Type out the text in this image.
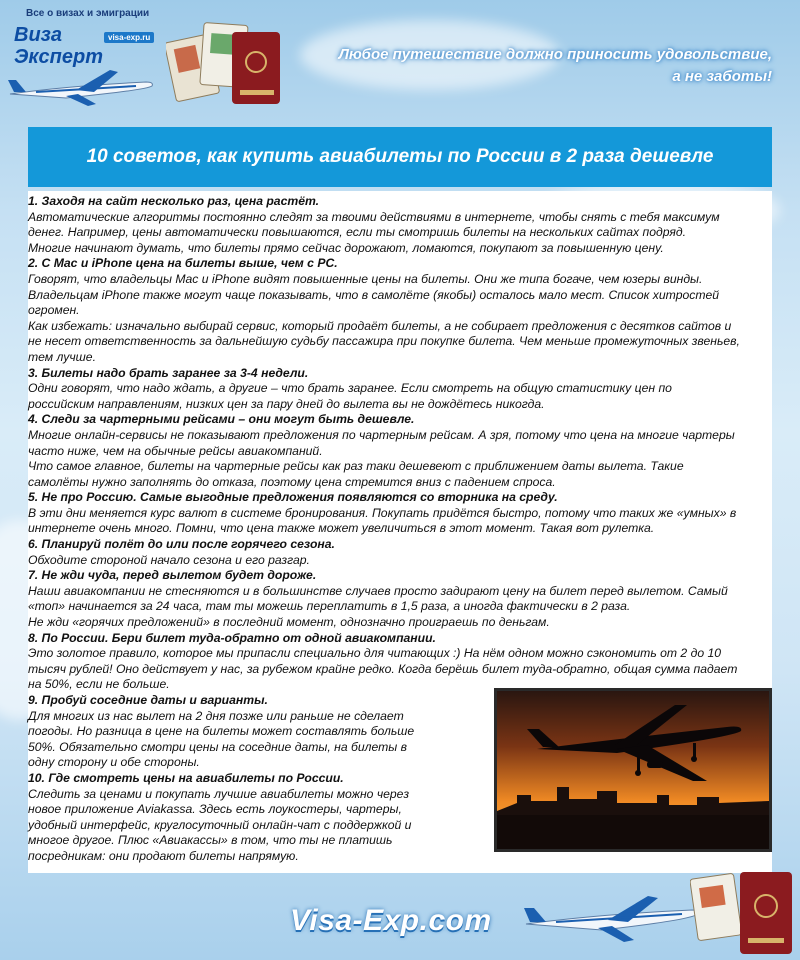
Все о визах и эмиграции
Виза
Эксперт
visa-exp.ru
Любое путешествие должно приносить удовольствие,
а не заботы!
10 советов, как купить авиабилеты по России в 2 раза дешевле
1. Заходя на сайт несколько раз, цена растёт.
Автоматические алгоритмы постоянно следят за твоими действиями в интернете, чтобы снять с тебя максимум
денег. Например, цены автоматически повышаются, если ты смотришь билеты на нескольких сайтах подряд.
Многие начинают думать, что билеты прямо сейчас дорожают, ломаются, покупают за повышенную цену.
2. С Mac и iPhone цена на билеты выше, чем с PC.
Говорят, что владельцы Mac и iPhone видят повышенные цены на билеты. Они же типа богаче, чем юзеры винды.
Владельцам iPhone также могут чаще показывать, что в самолёте (якобы) осталось мало мест. Список хитростей
огромен.
Как избежать: изначально выбирай сервис, который продаёт билеты, а не собирает предложения с десятков сайтов и
не несет ответственность за дальнейшую судьбу пассажира при покупке билета. Чем меньше промежуточных звеньев,
тем лучше.
3. Билеты надо брать заранее за 3-4 недели.
Одни говорят, что надо ждать, а другие – что брать заранее. Если смотреть на общую статистику цен по
российским направлениям, низких цен за пару дней до вылета вы не дождётесь никогда.
4. Следи за чартерными рейсами – они могут быть дешевле.
Многие онлайн-сервисы не показывают предложения по чартерным рейсам. А зря, потому что цена на многие чартеры
часто ниже, чем на обычные рейсы авиакомпаний.
Что самое главное, билеты на чартерные рейсы как раз таки дешевеют с приближением даты вылета. Такие
самолёты нужно заполнять до отказа, поэтому цена стремится вниз с падением спроса.
5. Не про Россию. Самые выгодные предложения появляются со вторника на среду.
В эти дни меняется курс валют в системе бронирования. Покупать придётся быстро, потому что таких же «умных» в
интернете очень много. Помни, что цена также может увеличиться в этот момент. Такая вот рулетка.
6. Планируй полёт до или после горячего сезона.
Обходите стороной начало сезона и его разгар.
7. Не жди чуда, перед вылетом будет дороже.
Наши авиакомпании не стесняются и в большинстве случаев просто задирают цену на билет перед вылетом. Самый
«топ» начинается за 24 часа, там ты можешь переплатить в 1,5 раза, а иногда фактически в 2 раза.
Не жди «горячих предложений» в последний момент, однозначно проиграешь по деньгам.
8. По России. Бери билет туда-обратно от одной авиакомпании.
Это золотое правило, которое мы припасли специально для читающих :) На нём одном можно сэкономить от 2 до 10
тысяч рублей! Оно действует у нас, за рубежом крайне редко. Когда берёшь билет туда-обратно, общая сумма падает
на 50%, если не больше.
9. Пробуй соседние даты и варианты.
Для многих из нас вылет на 2 дня позже или раньше не сделает
погоды. Но разница в цене на билеты может составлять больше
50%. Обязательно смотри цены на соседние даты, на билеты в
одну сторону и обе стороны.
10. Где смотреть цены на авиабилеты по России.
Следить за ценами и покупать лучшие авиабилеты можно через
новое приложение Aviakassa. Здесь есть лоукостеры, чартеры,
удобный интерфейс, круглосуточный онлайн-чат с поддержкой и
многое другое. Плюс «Авиакассы» в том, что ты не платишь
посредникам: они продают билеты напрямую.
Visa-Exp.com
